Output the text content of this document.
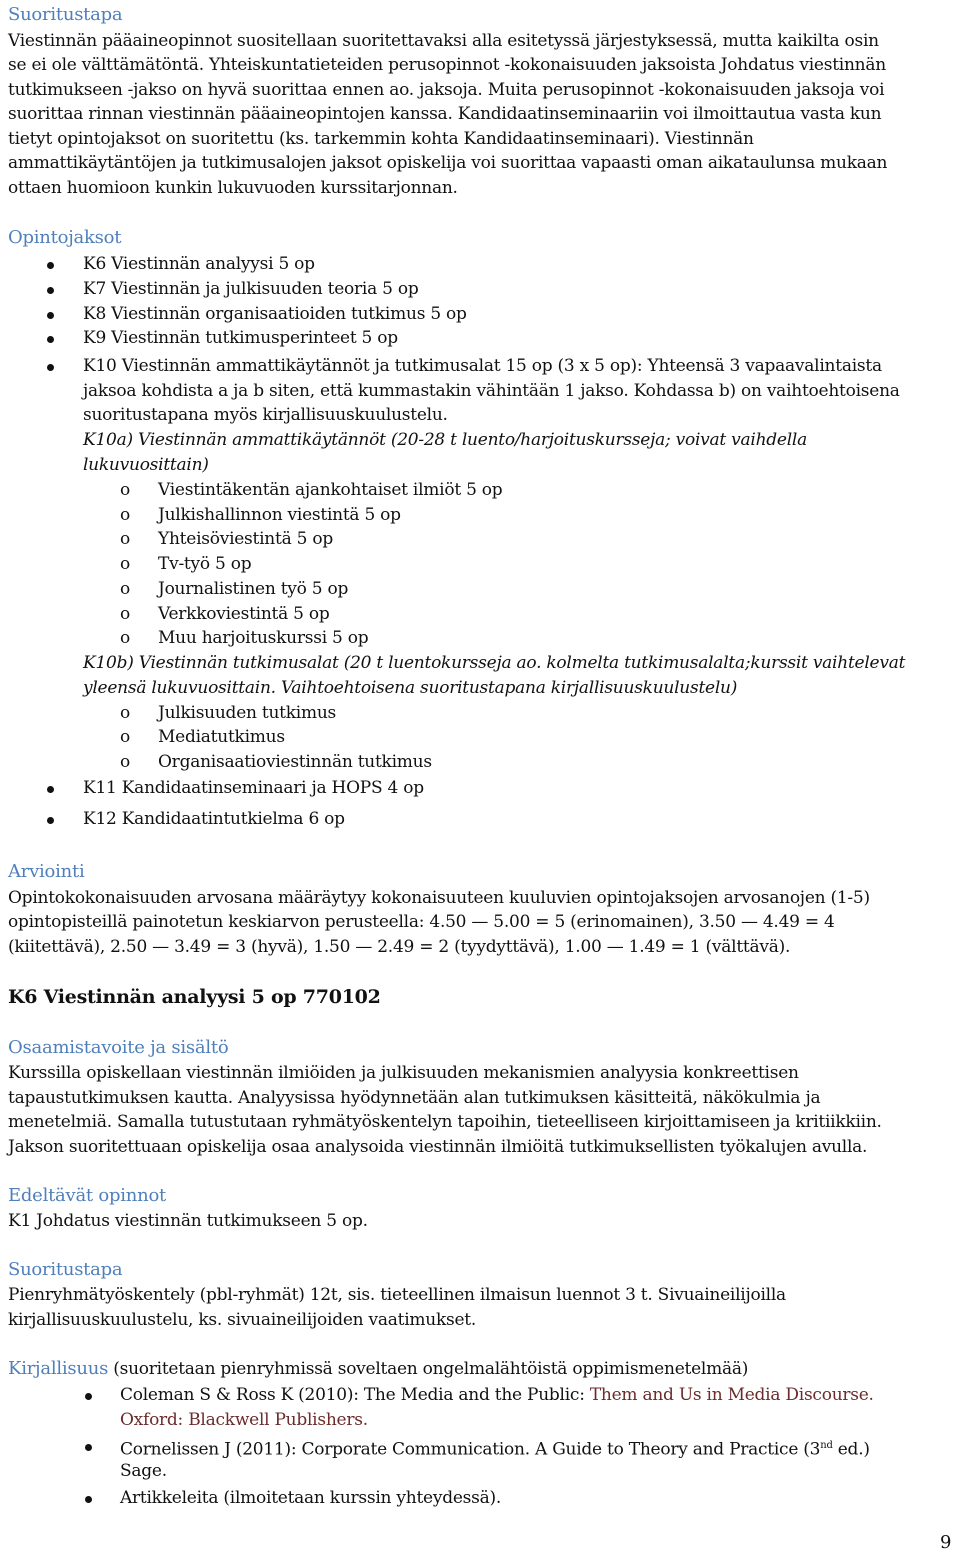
Suoritustapa
Viestinnän pääaineopinnot suositellaan suoritettavaksi alla esitetyssä järjestyksessä, mutta kaikilta osin
se ei ole välttämätöntä. Yhteiskuntatieteiden perusopinnot -kokonaisuuden jaksoista Johdatus viestinnän
tutkimukseen -jakso on hyvä suorittaa ennen ao. jaksoja. Muita perusopinnot -kokonaisuuden jaksoja voi
suorittaa rinnan viestinnän pääaineopintojen kanssa. Kandidaatinseminaariin voi ilmoittautua vasta kun
tietyt opintojaksot on suoritettu (ks. tarkemmin kohta Kandidaatinseminaari). Viestinnän
ammattikäytäntöjen ja tutkimusalojen jaksot opiskelija voi suorittaa vapaasti oman aikataulunsa mukaan
ottaen huomioon kunkin lukuvuoden kurssitarjonnan.
Opintojaksot
K6 Viestinnän analyysi 5 op
K7 Viestinnän ja julkisuuden teoria 5 op
K8 Viestinnän organisaatioiden tutkimus 5 op
K9 Viestinnän tutkimusperinteet 5 op
K10 Viestinnän ammattikäytännöt ja tutkimusalat 15 op (3 x 5 op): Yhteensä 3 vapaavalintaista
jaksoa kohdista a ja b siten, että kummastakin vähintään 1 jakso. Kohdassa b) on vaihtoehtoisena
suoritustapana myös kirjallisuuskuulustelu.
K10a) Viestinnän ammattikäytännöt (20-28 t luento/harjoituskursseja; voivat vaihdella
lukuvuosittain)
o Viestintäkentän ajankohtaiset ilmiöt 5 op
o Julkishallinnon viestintä 5 op
o Yhteisöviestintä 5 op
o Tv-työ 5 op
o Journalistinen työ 5 op
o Verkkoviestintä 5 op
o Muu harjoituskurssi 5 op
K10b) Viestinnän tutkimusalat (20 t luentokursseja ao. kolmelta tutkimusalalta;kurssit vaihtelevat
yleensä lukuvuosittain. Vaihtoehtoisena suoritustapana kirjallisuuskuulustelu)
o Julkisuuden tutkimus
o Mediatutkimus
o Organisaatioviestinnän tutkimus
K11 Kandidaatinseminaari ja HOPS 4 op
K12 Kandidaatintutkielma 6 op
Arviointi
Opintokokonaisuuden arvosana määräytyy kokonaisuuteen kuuluvien opintojaksojen arvosanojen (1-5)
opintopisteillä painotetun keskiarvon perusteella: 4.50 — 5.00 = 5 (erinomainen), 3.50 — 4.49 = 4
(kiitettävä), 2.50 — 3.49 = 3 (hyvä), 1.50 — 2.49 = 2 (tyydyttävä), 1.00 — 1.49 = 1 (välttävä).
K6 Viestinnän analyysi 5 op 770102
Osaamistavoite ja sisältö
Kurssilla opiskellaan viestinnän ilmiöiden ja julkisuuden mekanismien analyysia konkreettisen
tapaustutkimuksen kautta. Analyysissa hyödynnetään alan tutkimuksen käsitteitä, näkökulmia ja
menetelmiä. Samalla tutustutaan ryhmätyöskentelyn tapoihin, tieteelliseen kirjoittamiseen ja kritiikkiin.
Jakson suoritettuaan opiskelija osaa analysoida viestinnän ilmiöitä tutkimuksellisten työkalujen avulla.
Edeltävät opinnot
K1 Johdatus viestinnän tutkimukseen 5 op.
Suoritustapa
Pienryhmätyöskentely (pbl-ryhmät) 12t, sis. tieteellinen ilmaisun luennot 3 t. Sivuaineilijoilla
kirjallisuuskuulustelu, ks. sivuaineilijoiden vaatimukset.
Kirjallisuus (suoritetaan pienryhmissä soveltaen ongelmalähtöistä oppimismenetelmää)
Coleman S & Ross K (2010): The Media and the Public: Them and Us in Media Discourse.
Oxford: Blackwell Publishers.
Cornelissen J (2011): Corporate Communication. A Guide to Theory and Practice (3nd ed.)
Sage.
Artikkeleita (ilmoitetaan kurssin yhteydessä).
9
